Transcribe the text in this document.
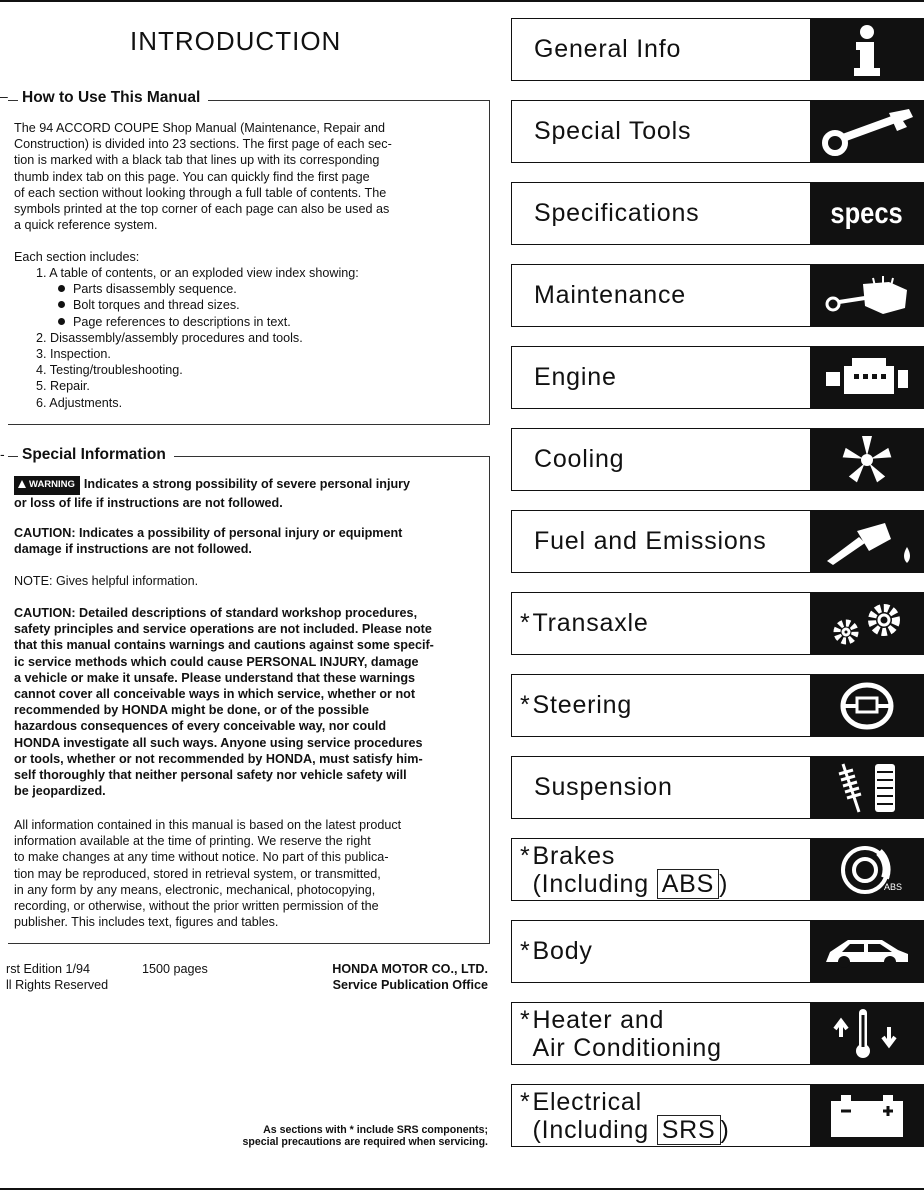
INTRODUCTION
– How to Use This Manual
The 94 ACCORD COUPE Shop Manual (Maintenance, Repair and
Construction) is divided into 23 sections. The first page of each sec-
tion is marked with a black tab that lines up with its corresponding
thumb index tab on this page. You can quickly find the first page
of each section without looking through a full table of contents. The
symbols printed at the top corner of each page can also be used as
a quick reference system.
Each section includes:
1. A table of contents, or an exploded view index showing:
Parts disassembly sequence.
Bolt torques and thread sizes.
Page references to descriptions in text.
2. Disassembly/assembly procedures and tools.
3. Inspection.
4. Testing/troubleshooting.
5. Repair.
6. Adjustments.
- Special Information
WARNING Indicates a strong possibility of severe personal injury
or loss of life if instructions are not followed.
CAUTION: Indicates a possibility of personal injury or equipment
damage if instructions are not followed.
NOTE: Gives helpful information.
CAUTION: Detailed descriptions of standard workshop procedures,
safety principles and service operations are not included. Please note
that this manual contains warnings and cautions against some specif-
ic service methods which could cause PERSONAL INJURY, damage
a vehicle or make it unsafe. Please understand that these warnings
cannot cover all conceivable ways in which service, whether or not
recommended by HONDA might be done, or of the possible
hazardous consequences of every conceivable way, nor could
HONDA investigate all such ways. Anyone using service procedures
or tools, whether or not recommended by HONDA, must satisfy him-
self thoroughly that neither personal safety nor vehicle safety will
be jeopardized.
All information contained in this manual is based on the latest product
information available at the time of printing. We reserve the right
to make changes at any time without notice. No part of this publica-
tion may be reproduced, stored in retrieval system, or transmitted,
in any form by any means, electronic, mechanical, photocopying,
recording, or otherwise, without the prior written permission of the
publisher. This includes text, figures and tables.
rst Edition 1/94	1500 pages
ll Rights Reserved
HONDA MOTOR CO., LTD.
Service Publication Office
As sections with * include SRS components;
special precautions are required when servicing.
General Info
Special Tools
Specifications	specs
Maintenance
Engine
Cooling
Fuel and Emissions
* Transaxle
* Steering
Suspension
*Brakes
(Including ABS )	ABS
* Body
*Heater and
Air Conditioning
*Electrical
(Including SRS )
